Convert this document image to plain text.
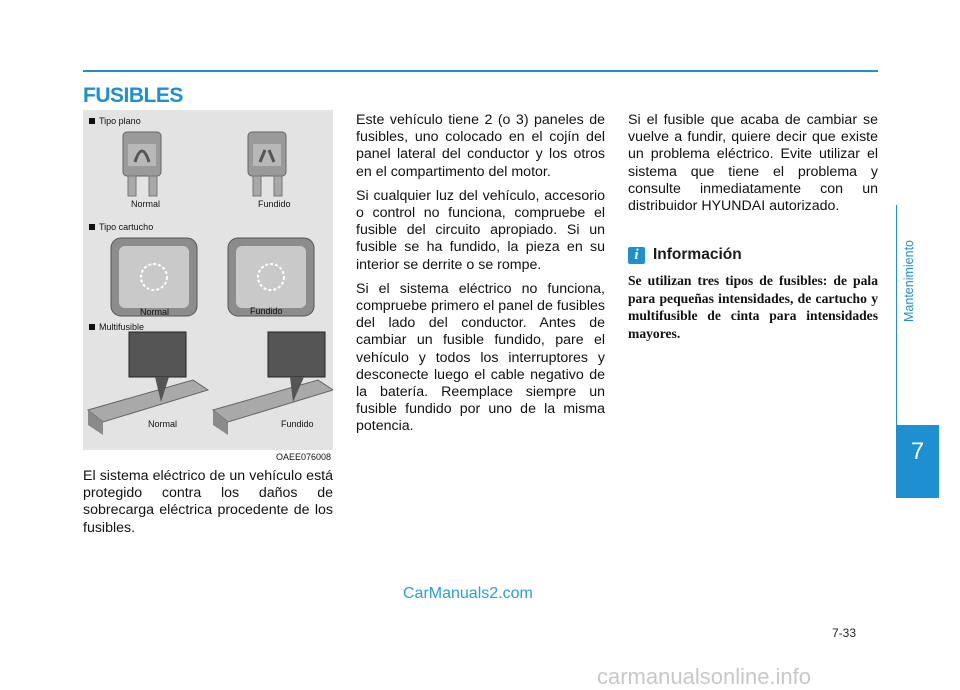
FUSIBLES
Tipo plano
Tipo cartucho
Multifusible
Normal	Fundido
Normal	Fundido
Normal	Fundido
OAEE076008

El sistema eléctrico de un vehículo está protegido contra los daños de sobrecarga eléctrica procedente de los fusibles.

Este vehículo tiene 2 (o 3) paneles de fusibles, uno colocado en el cojín del panel lateral del conductor y los otros en el compartimento del motor.

Si cualquier luz del vehículo, accesorio o control no funciona, compruebe el fusible del circuito apropiado. Si un fusible se ha fundido, la pieza en su interior se derrite o se rompe.

Si el sistema eléctrico no funciona, compruebe primero el panel de fusibles del lado del conductor. Antes de cambiar un fusible fundido, pare el vehículo y todos los interruptores y desconecte luego el cable negativo de la batería. Reemplace siempre un fusible fundido por uno de la misma potencia.

Si el fusible que acaba de cambiar se vuelve a fundir, quiere decir que existe un problema eléctrico. Evite utilizar el sistema que tiene el problema y consulte inmediatamente con un distribuidor HYUNDAI autorizado.

i Información
Se utilizan tres tipos de fusibles: de pala para pequeñas intensidades, de cartucho y multifusible de cinta para intensidades mayores.
Mantenimiento
7
7-33
CarManuals2.com
carmanualsonline.info
